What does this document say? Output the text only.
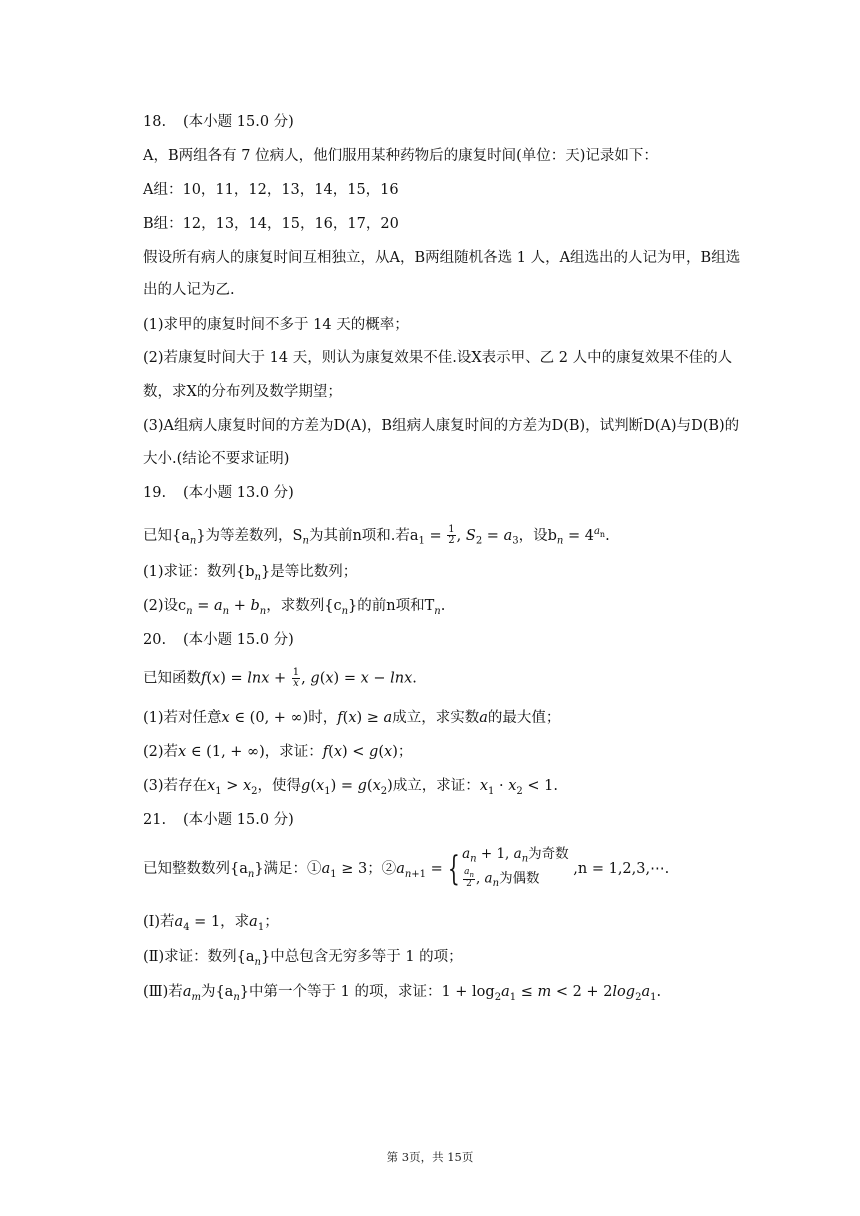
18. (本小题 15.0 分)
A，B两组各有 7 位病人，他们服用某种药物后的康复时间(单位：天)记录如下：
A组：10，11，12，13，14，15，16
B组：12，13，14，15，16，17，20
假设所有病人的康复时间互相独立，从A，B两组随机各选 1 人，A组选出的人记为甲，B组选
出的人记为乙.
(1)求甲的康复时间不多于 14 天的概率；
(2)若康复时间大于 14 天，则认为康复效果不佳.设X表示甲、乙 2 人中的康复效果不佳的人
数，求X的分布列及数学期望；
(3)A组病人康复时间的方差为D(A)，B组病人康复时间的方差为D(B)，试判断D(A)与D(B)的
大小.(结论不要求证明)
19. (本小题 13.0 分)
已知$\{a_n\}$为等差数列，$S_n$为其前n项和.若$a_1 = \frac{1}{2}$ , $S_2 = a_3$，设$b_n = 4^{a_n}$.
(1)求证：数列$\{b_n\}$是等比数列；
(2)设$c_n = a_n + b_n$，求数列$\{c_n\}$的前n项和$T_n$.
20. (本小题 15.0 分)
已知函数$f(x) = \ln x + \frac{1}{x}$ , g(x) = x − lnx.
(1)若对任意x ∈ (0, + ∞)时，f(x) ≥ a成立，求实数a的最大值；
(2)若x ∈ (1, + ∞)，求证：f(x) < g(x)；
(3)若存在$x_1 > x_2$，使得$g(x_1) = g(x_2)$成立，求证：$x_1 \cdot x_2 < 1$.
21. (本小题 15.0 分)
已知整数数列$\{a_n\}$满足：$①a_1 \ge 3$；$②a_{n+1}$ = { $a_n + 1$, $a_n$为奇数
$\frac{a_n}{2}$ , $a_n$为偶数
,n = 1,2,3,⋯.
(Ⅰ)若$a_4 = 1$，求$a_1$；
(Ⅱ)求证：数列$\{a_n\}$中总包含无穷多等于 1 的项；
(Ⅲ)若$a_m$为$\{a_n\}$中第一个等于 1 的项，求证：$1 + \log_2a_1 \le m < 2 + 2\log_2a_1$.
第 3页，共 15页
